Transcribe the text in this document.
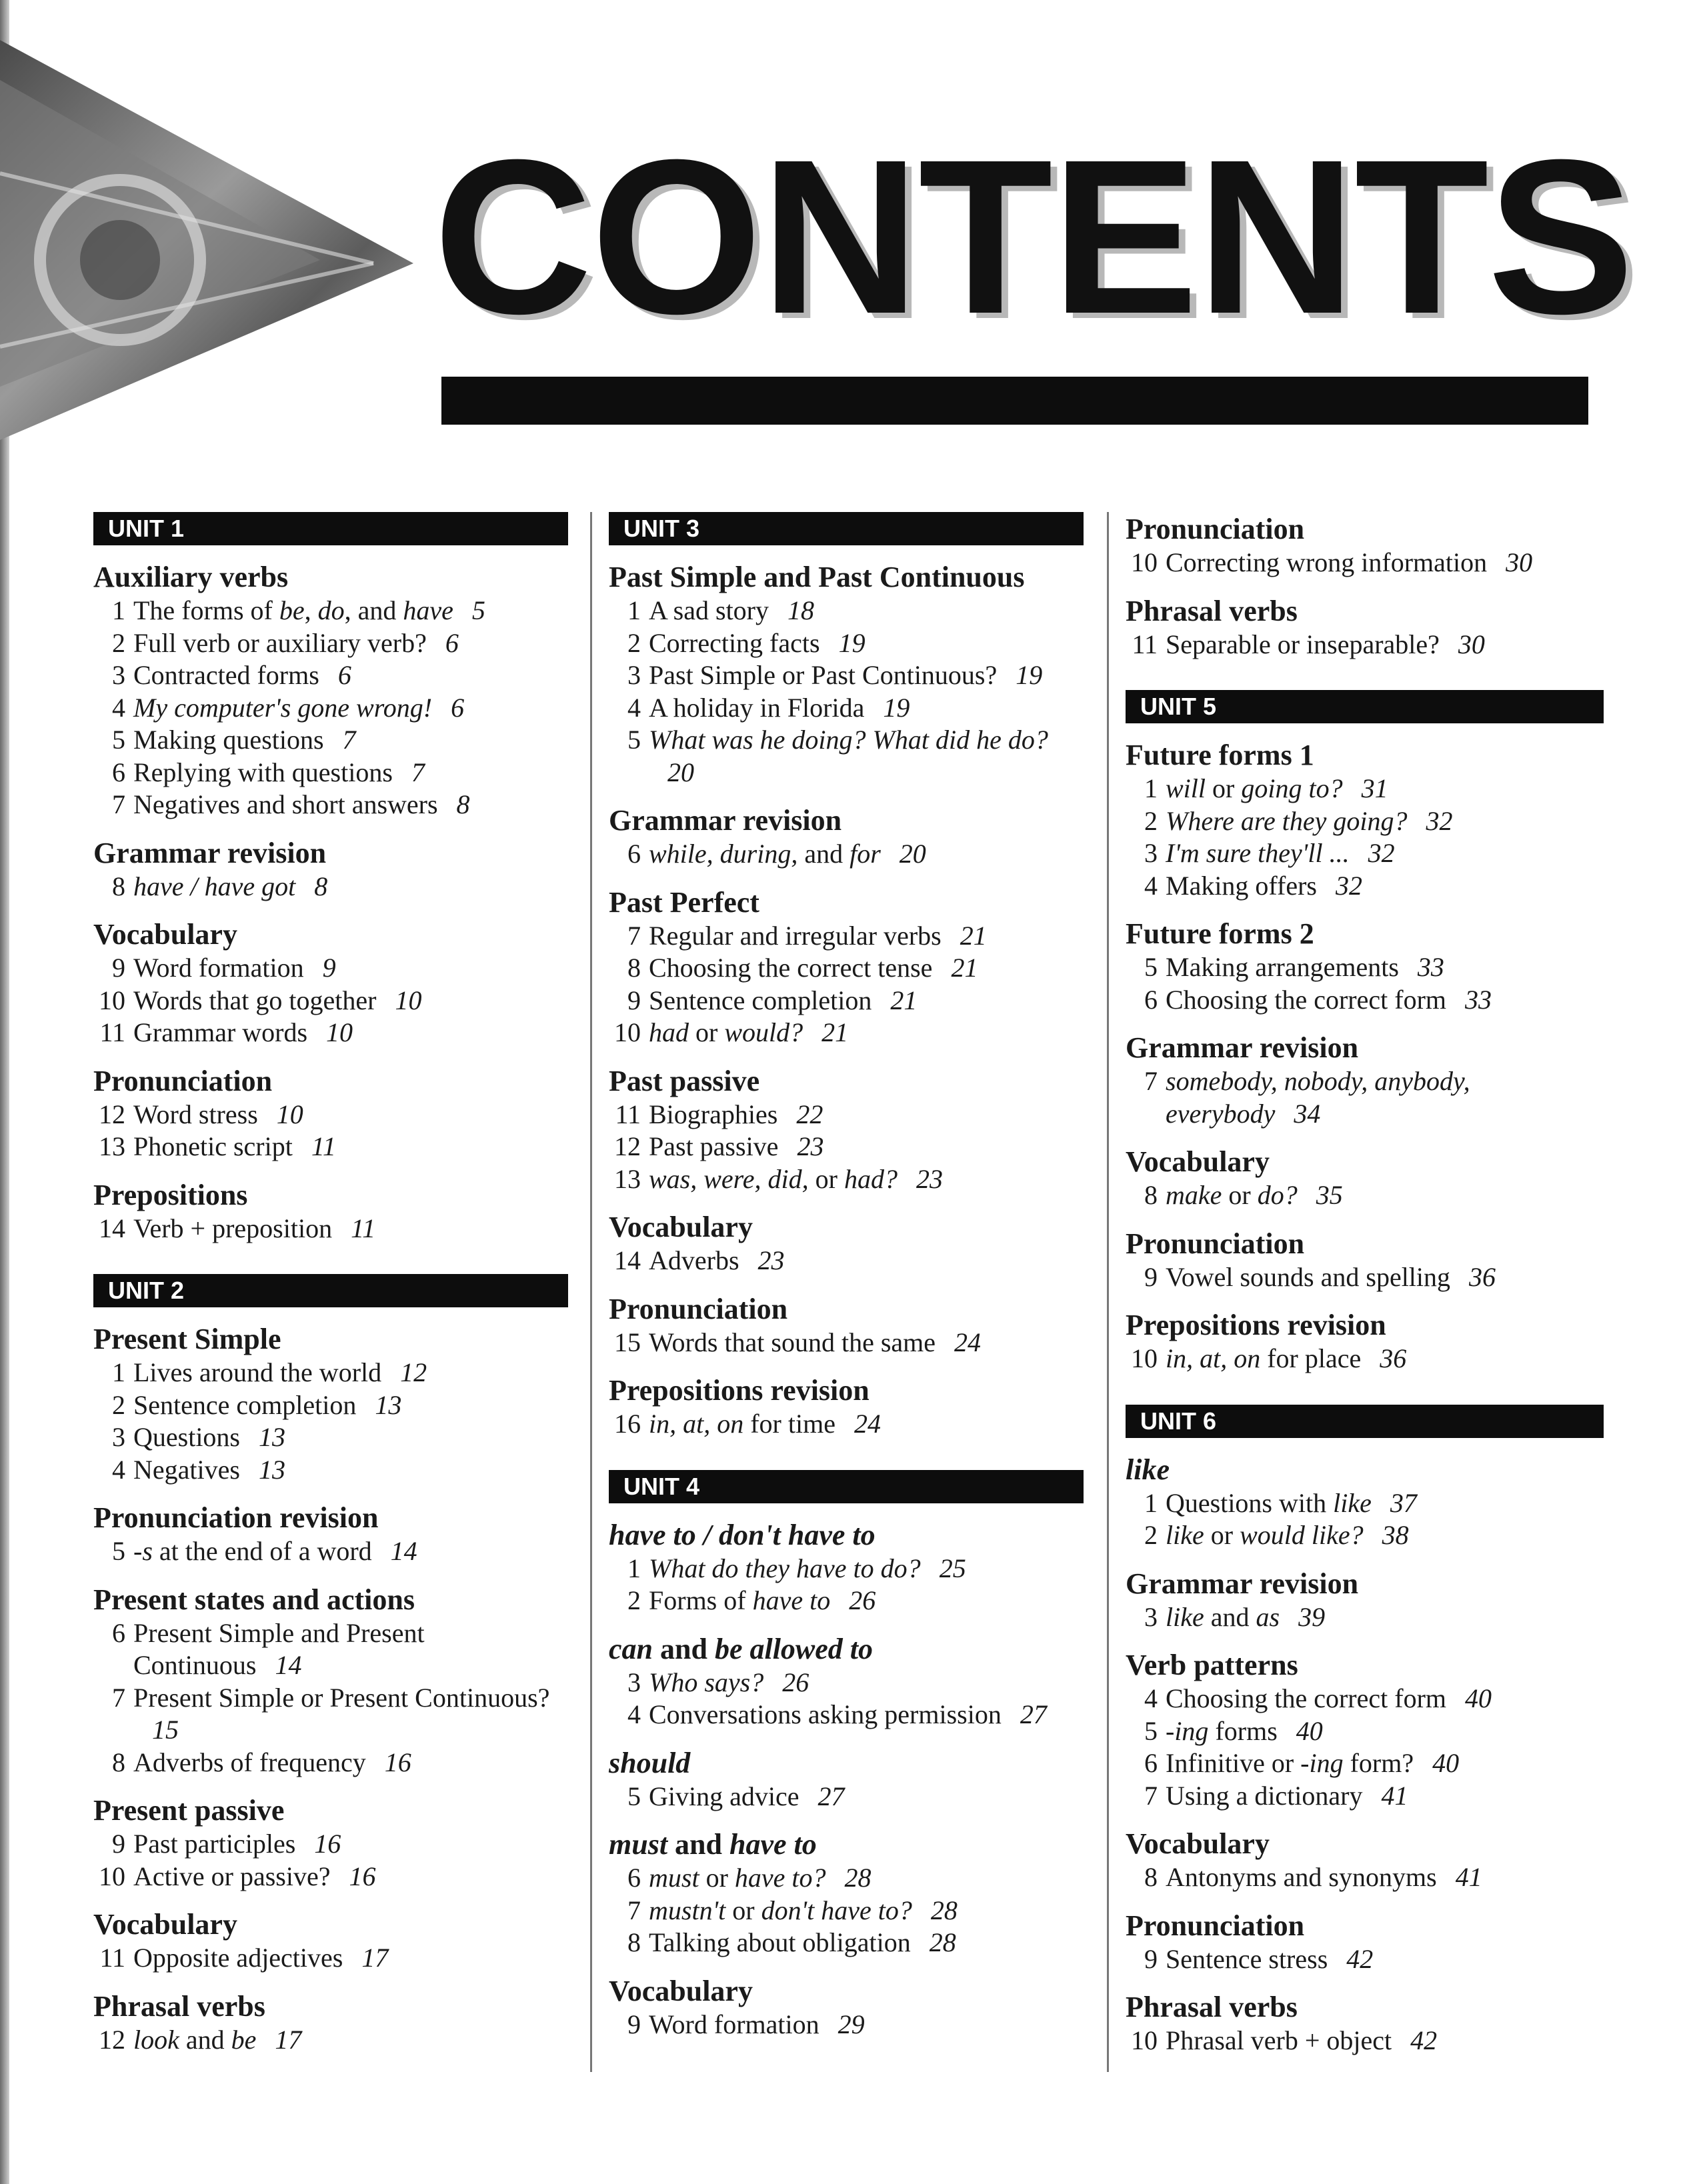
CONTENTS
UNIT 1
Auxiliary verbs
1 The forms of be, do, and have 5
2 Full verb or auxiliary verb? 6
3 Contracted forms 6
4 My computer's gone wrong! 6
5 Making questions 7
6 Replying with questions 7
7 Negatives and short answers 8
Grammar revision
8 have / have got 8
Vocabulary
9 Word formation 9
10 Words that go together 10
11 Grammar words 10
Pronunciation
12 Word stress 10
13 Phonetic script 11
Prepositions
14 Verb + preposition 11
UNIT 2
Present Simple
1 Lives around the world 12
2 Sentence completion 13
3 Questions 13
4 Negatives 13
Pronunciation revision
5 -s at the end of a word 14
Present states and actions
6 Present Simple and Present Continuous 14
7 Present Simple or Present Continuous?15
8 Adverbs of frequency 16
Present passive
9 Past participles 16
10 Active or passive? 16
Vocabulary
11 Opposite adjectives 17
Phrasal verbs
12 look and be 17
UNIT 3
Past Simple and Past Continuous
1 A sad story 18
2 Correcting facts 19
3 Past Simple or Past Continuous? 19
4 A holiday in Florida 19
5 What was he doing? What did he do?20
Grammar revision
6 while, during, and for 20
Past Perfect
7 Regular and irregular verbs 21
8 Choosing the correct tense 21
9 Sentence completion 21
10 had or would? 21
Past passive
11 Biographies 22
12 Past passive 23
13 was, were, did, or had? 23
Vocabulary
14 Adverbs 23
Pronunciation
15 Words that sound the same 24
Prepositions revision
16 in, at, on for time 24
UNIT 4
have to / don't have to
1 What do they have to do? 25
2 Forms of have to 26
can and be allowed to
3 Who says? 26
4 Conversations asking permission 27
should
5 Giving advice 27
must and have to
6 must or have to? 28
7 mustn't or don't have to? 28
8 Talking about obligation 28
Vocabulary
9 Word formation 29
Pronunciation
10 Correcting wrong information 30
Phrasal verbs
11 Separable or inseparable? 30
UNIT 5
Future forms 1
1 will or going to? 31
2 Where are they going? 32
3 I'm sure they'll ... 32
4 Making offers 32
Future forms 2
5 Making arrangements 33
6 Choosing the correct form 33
Grammar revision
7 somebody, nobody, anybody, everybody 34
Vocabulary
8 make or do? 35
Pronunciation
9 Vowel sounds and spelling 36
Prepositions revision
10 in, at, on for place 36
UNIT 6
like
1 Questions with like 37
2 like or would like? 38
Grammar revision
3 like and as 39
Verb patterns
4 Choosing the correct form 40
5 -ing forms 40
6 Infinitive or -ing form? 40
7 Using a dictionary 41
Vocabulary
8 Antonyms and synonyms 41
Pronunciation
9 Sentence stress 42
Phrasal verbs
10 Phrasal verb + object 42
